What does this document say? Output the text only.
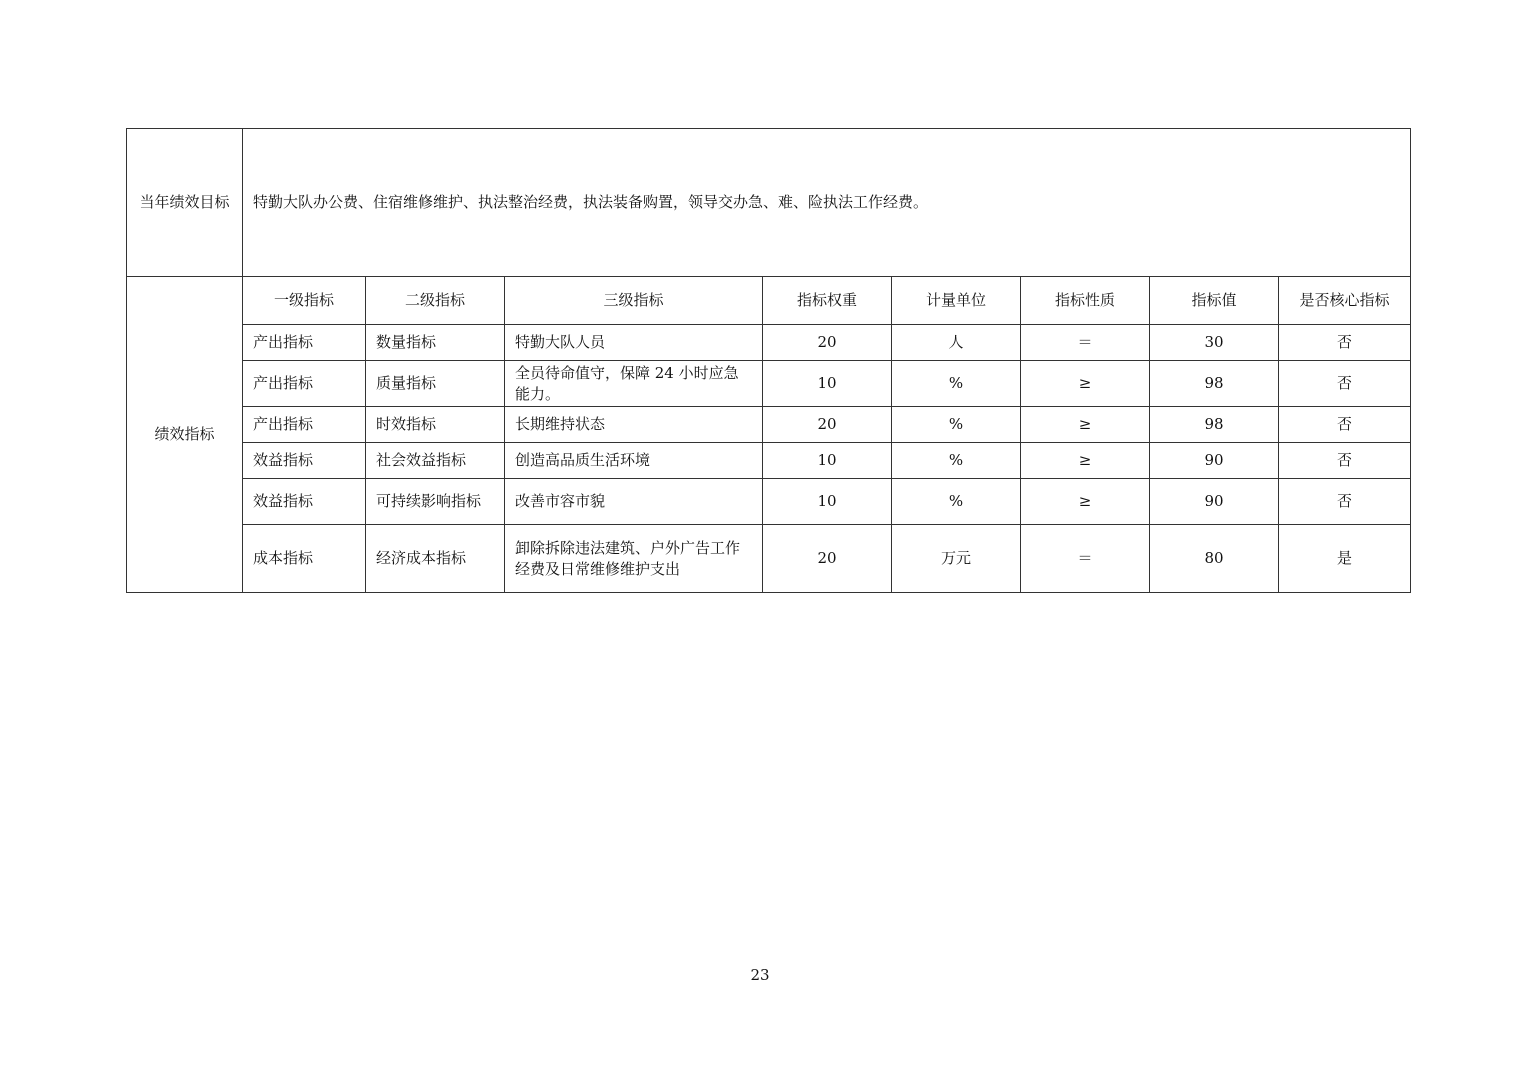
当年绩效目标	特勤大队办公费、住宿维修维护、执法整治经费，执法装备购置，领导交办急、难、险执法工作经费。							
绩效指标	一级指标	二级指标	三级指标	指标权重	计量单位	指标性质	指标值	是否核心指标
	产出指标	数量指标	特勤大队人员	20	人	＝	30	否
	产出指标	质量指标	全员待命值守，保障 24 小时应急能力。	10	%	≥	98	否
	产出指标	时效指标	长期维持状态	20	%	≥	98	否
	效益指标	社会效益指标	创造高品质生活环境	10	%	≥	90	否
	效益指标	可持续影响指标	改善市容市貌	10	%	≥	90	否
	成本指标	经济成本指标	卸除拆除违法建筑、户外广告工作经费及日常维修维护支出	20	万元	＝	80	是
23
